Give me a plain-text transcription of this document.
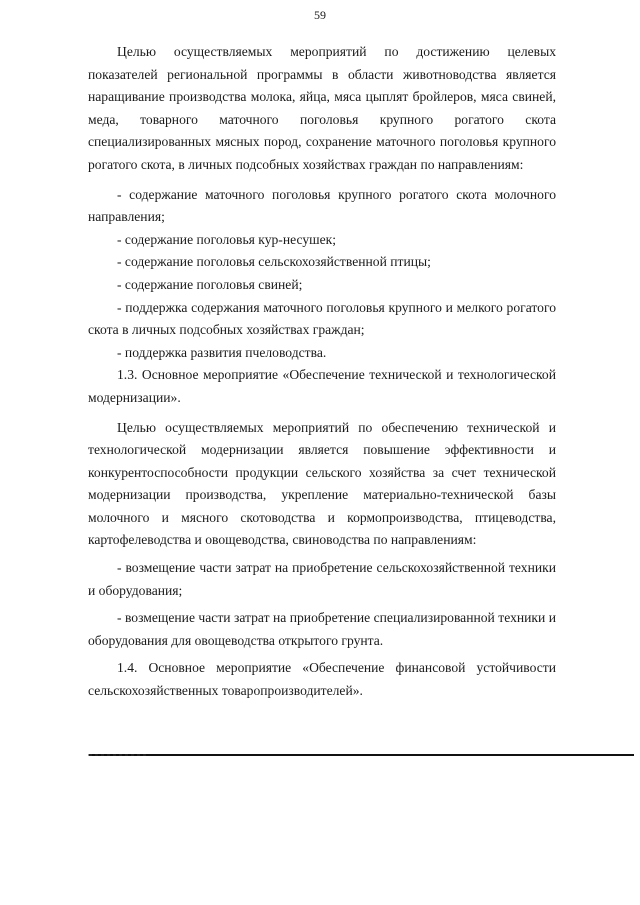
59

Целью осуществляемых мероприятий по достижению целевых показателей региональной программы в области животноводства является наращивание производства молока, яйца, мяса цыплят бройлеров, мяса свиней, меда, товарного маточного поголовья крупного рогатого скота специализированных мясных пород, сохранение маточного поголовья крупного рогатого скота, в личных подсобных хозяйствах граждан по направлениям:

- содержание маточного поголовья крупного рогатого скота молочного направления;

- содержание поголовья кур-несушек;

- содержание поголовья сельскохозяйственной птицы;

- содержание поголовья свиней;

- поддержка содержания маточного поголовья крупного и мелкого рогатого скота в личных подсобных хозяйствах граждан;

- поддержка развития пчеловодства.

1.3. Основное мероприятие «Обеспечение технической и технологической модернизации».

Целью осуществляемых мероприятий по обеспечению технической и технологической модернизации является повышение эффективности и конкурентоспособности продукции сельского хозяйства за счет технической модернизации производства, укрепление материально-технической базы молочного и мясного скотоводства и кормопроизводства, птицеводства, картофелеводства и овощеводства, свиноводства по направлениям:

- возмещение части затрат на приобретение сельскохозяйственной техники и оборудования;

- возмещение части затрат на приобретение специализированной техники и оборудования для овощеводства открытого грунта.

1.4. Основное мероприятие «Обеспечение финансовой устойчивости сельскохозяйственных товаропроизводителей».
